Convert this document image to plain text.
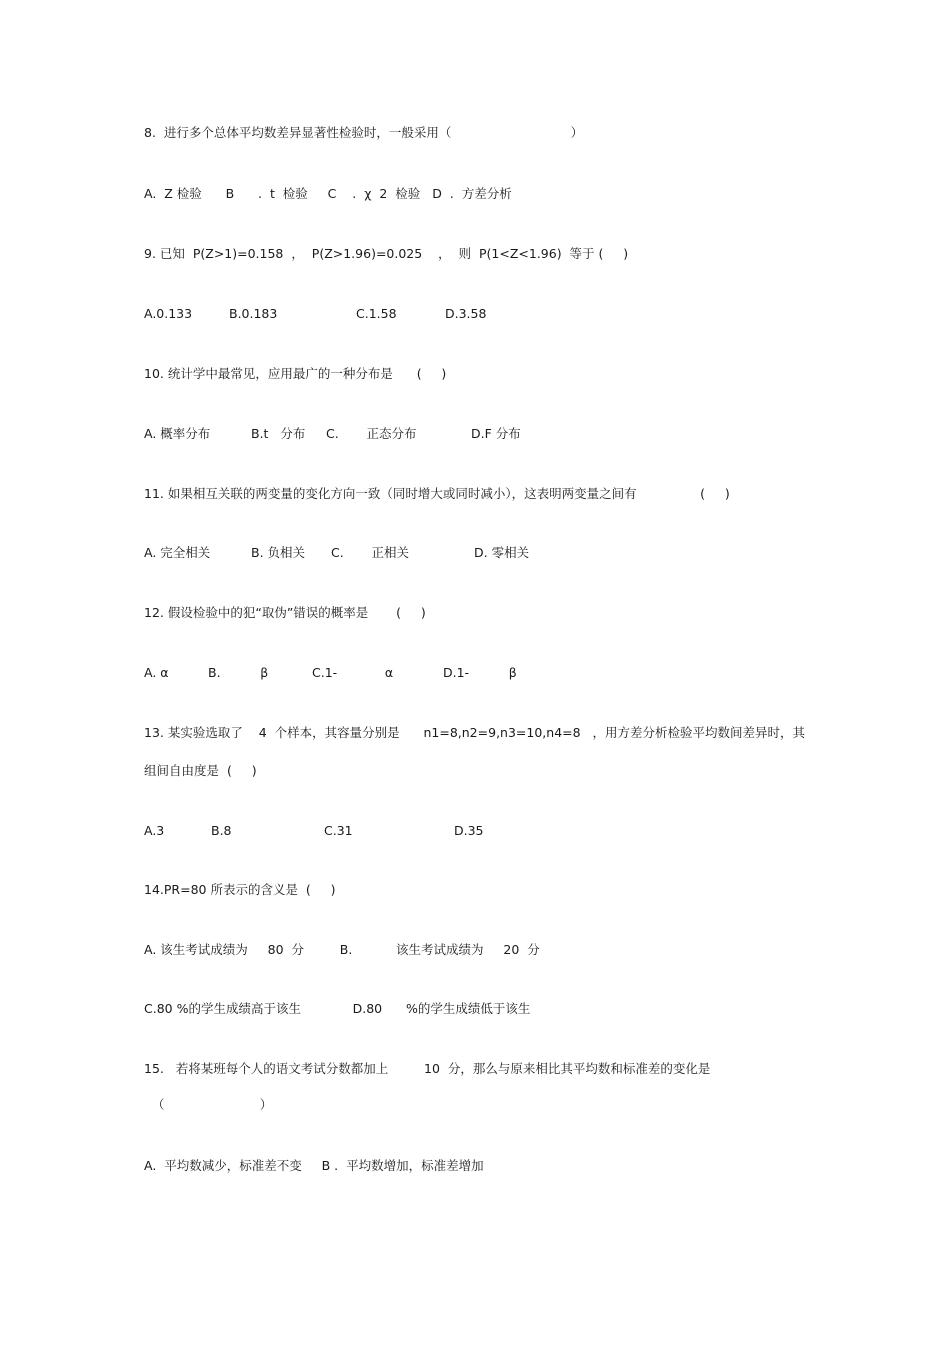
8.  进行多个总体平均数差异显著性检验时，一般采用（                              ）
A.  Z 检验      B      .  t  检验     C    .  χ  2  检验   D  .  方差分析
9. 已知  P(Z>1)=0.158  ，  P(Z>1.96)=0.025    ，  则  P(1<Z<1.96)  等于 (     )
A.0.133	B.0.183	C.1.58	D.3.58
10. 统计学中最常见，应用最广的一种分布是      (     )
A. 概率分布	B.t   分布 C.       正态分布	D.F 分布
11. 如果相互关联的两变量的变化方向一致（同时增大或同时减小），这表明两变量之间有                (     )
A. 完全相关	B. 负相关 C.       正相关	D. 零相关
12. 假设检验中的犯“取伪”错误的概率是       (     )
A. α	B.          β	C.1-            α	D.1-          β
13. 某实验选取了    4  个样本，其容量分别是      n1=8,n2=9,n3=10,n4=8   ，用方差分析检验平均数间差异时，其
组间自由度是  (     )
A.3	B.8	C.31	D.35
14.PR=80 所表示的含义是  (     )
A. 该生考试成绩为     80  分         B.           该生考试成绩为     20  分
C.80 %的学生成绩高于该生             D.80      %的学生成绩低于该生
15.   若将某班每个人的语文考试分数都加上         10  分，那么与原来相比其平均数和标准差的变化是
（                        ）
A.  平均数减少，标准差不变     B .  平均数增加，标准差增加
